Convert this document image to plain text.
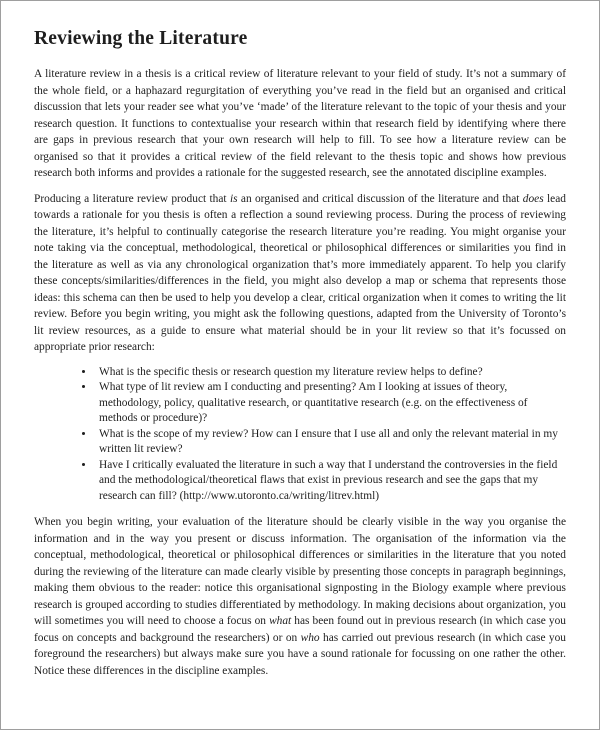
Reviewing the Literature

A literature review in a thesis is a critical review of literature relevant to your field of study. It’s not a summary of the whole field, or a haphazard regurgitation of everything you’ve read in the field but an organised and critical discussion that lets your reader see what you’ve ‘made’ of the literature relevant to the topic of your thesis and your research question. It functions to contextualise your research within that research field by identifying where there are gaps in previous research that your own research will help to fill. To see how a literature review can be organised so that it provides a critical review of the field relevant to the thesis topic and shows how previous research both informs and provides a rationale for the suggested research, see the annotated discipline examples.

Producing a literature review product that is an organised and critical discussion of the literature and that does lead towards a rationale for you thesis is often a reflection a sound reviewing process. During the process of reviewing the literature, it’s helpful to continually categorise the research literature you’re reading. You might organise your note taking via the conceptual, methodological, theoretical or philosophical differences or similarities you find in the literature as well as via any chronological organization that’s more immediately apparent. To help you clarify these concepts/similarities/differences in the field, you might also develop a map or schema that represents those ideas: this schema can then be used to help you develop a clear, critical organization when it comes to writing the lit review. Before you begin writing, you might ask the following questions, adapted from the University of Toronto’s lit review resources, as a guide to ensure what material should be in your lit review so that it’s focussed on appropriate prior research:

• What is the specific thesis or research question my literature review helps to define?
• What type of lit review am I conducting and presenting? Am I looking at issues of theory, methodology, policy, qualitative research, or quantitative research (e.g. on the effectiveness of methods or procedure)?
• What is the scope of my review? How can I ensure that I use all and only the relevant material in my written lit review?
• Have I critically evaluated the literature in such a way that I understand the controversies in the field and the methodological/theoretical flaws that exist in previous research and see the gaps that my research can fill? (http://www.utoronto.ca/writing/litrev.html)

When you begin writing, your evaluation of the literature should be clearly visible in the way you organise the information and in the way you present or discuss information. The organisation of the information via the conceptual, methodological, theoretical or philosophical differences or similarities in the literature that you noted during the reviewing of the literature can made clearly visible by presenting those concepts in paragraph beginnings, making them obvious to the reader: notice this organisational signposting in the Biology example where previous research is grouped according to studies differentiated by methodology. In making decisions about organization, you will sometimes you will need to choose a focus on what has been found out in previous research (in which case you focus on concepts and background the researchers) or on who has carried out previous research (in which case you foreground the researchers) but always make sure you have a sound rationale for focussing on one rather the other. Notice these differences in the discipline examples.
